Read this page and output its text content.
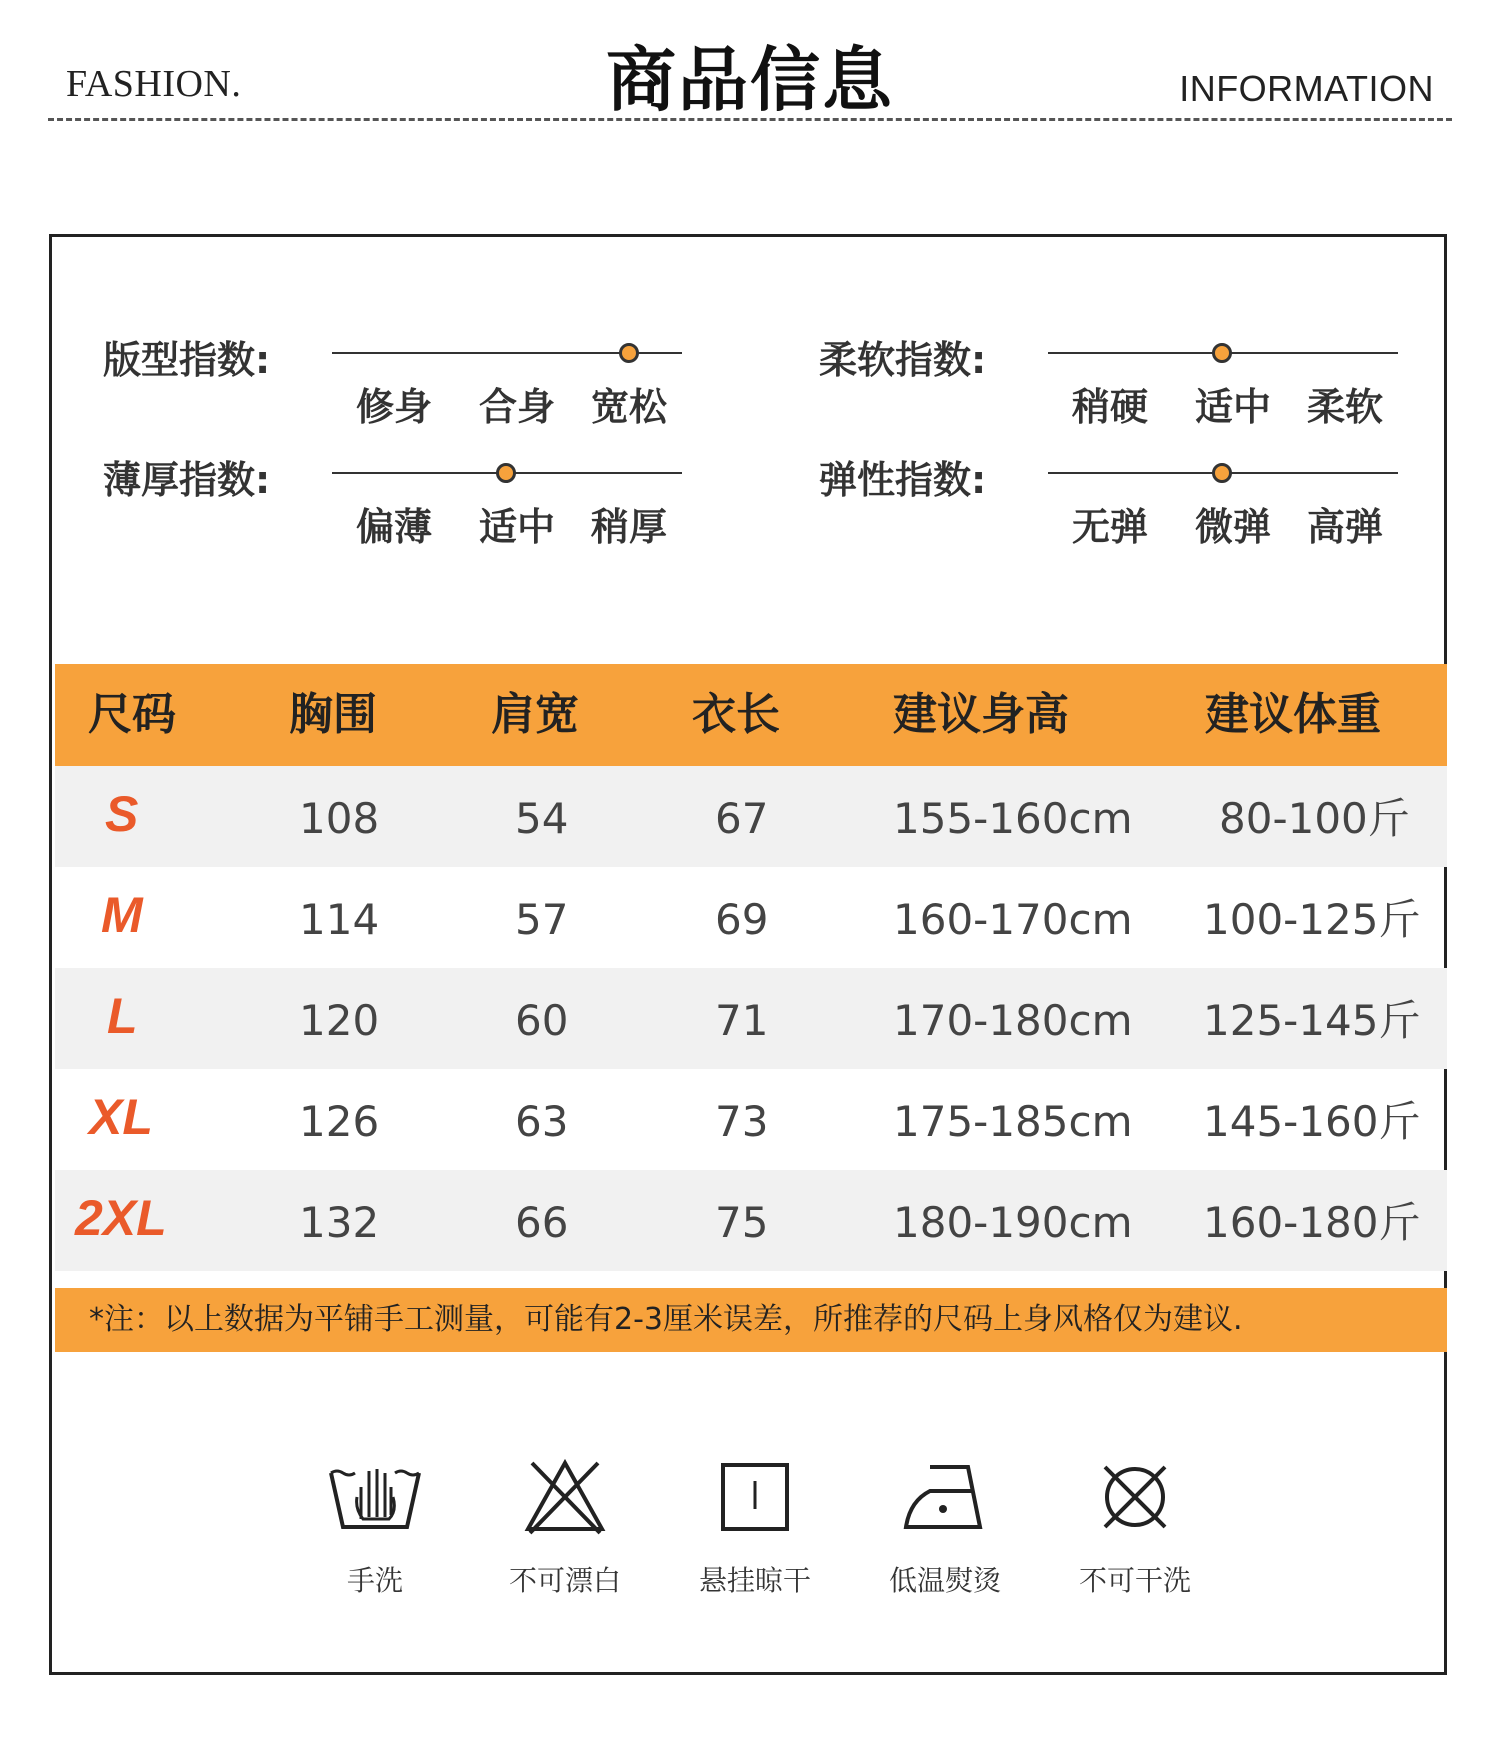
FASHION.	商品信息	INFORMATION
版型指数:
修身	合身 宽松
薄厚指数:
偏薄	适中 稍厚
柔软指数:
稍硬	适中 柔软
弹性指数:
无弹	微弹 高弹
尺码	胸围	肩宽	衣长	建议身高	建议体重
S	108	54	67	155-160cm 80-100斤
M	114	57	69	160-170cm 100-125斤
L	120	60	71	170-180cm 125-145斤
XL	126	63	73	175-185cm 145-160斤
2XL	132	66	75	180-190cm 160-180斤
*注：以上数据为平铺手工测量，可能有2-3厘米误差，所推荐的尺码上身风格仅为建议.
手洗	不可漂白	悬挂晾干	低温熨烫	不可干洗
